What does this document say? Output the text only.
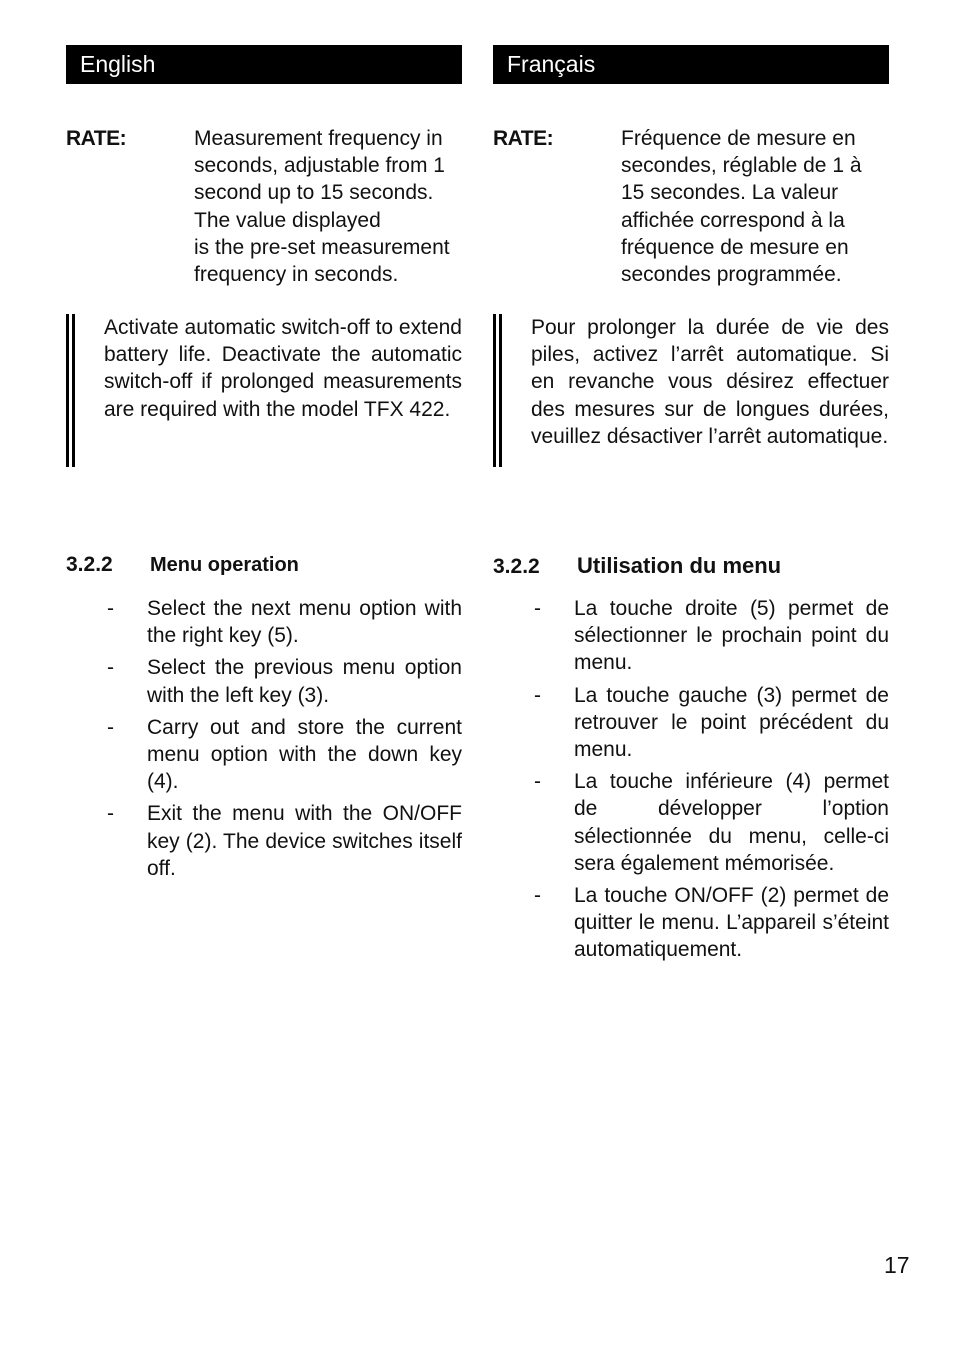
English
RATE:	Measurement frequency in
seconds, adjustable from 1
second up to 15 seconds.
The value displayed
is the pre-set measurement
frequency in seconds.

Activate automatic switch-off to extend battery life. Deactivate the automatic switch-off if prolonged measurements are required with the model TFX 422.

3.2.2 Menu operation
- Select the next menu option with the right key (5).
- Select the previous menu option with the left key (3).
- Carry out and store the current menu option with the down key (4).
- Exit the menu with the ON/OFF key (2). The device switches itself off.
Français
RATE:	Fréquence de mesure en
secondes, réglable de 1 à
15 secondes. La valeur
affichée correspond à la
fréquence de mesure en
secondes programmée.

Pour prolonger la durée de vie des piles, activez l’arrêt automatique. Si en revanche vous désirez effectuer des mesures sur de longues durées, veuillez désactiver l’arrêt automatique.

3.2.2 Utilisation du menu
- La touche droite (5) permet de sélectionner le prochain point du menu.
- La touche gauche (3) permet de retrouver le point précédent du menu.
- La touche inférieure (4) permet de développer l’option sélectionnée du menu, celle-ci sera également mémorisée.
- La touche ON/OFF (2) permet de quitter le menu. L’appareil s’éteint automatiquement.
17
